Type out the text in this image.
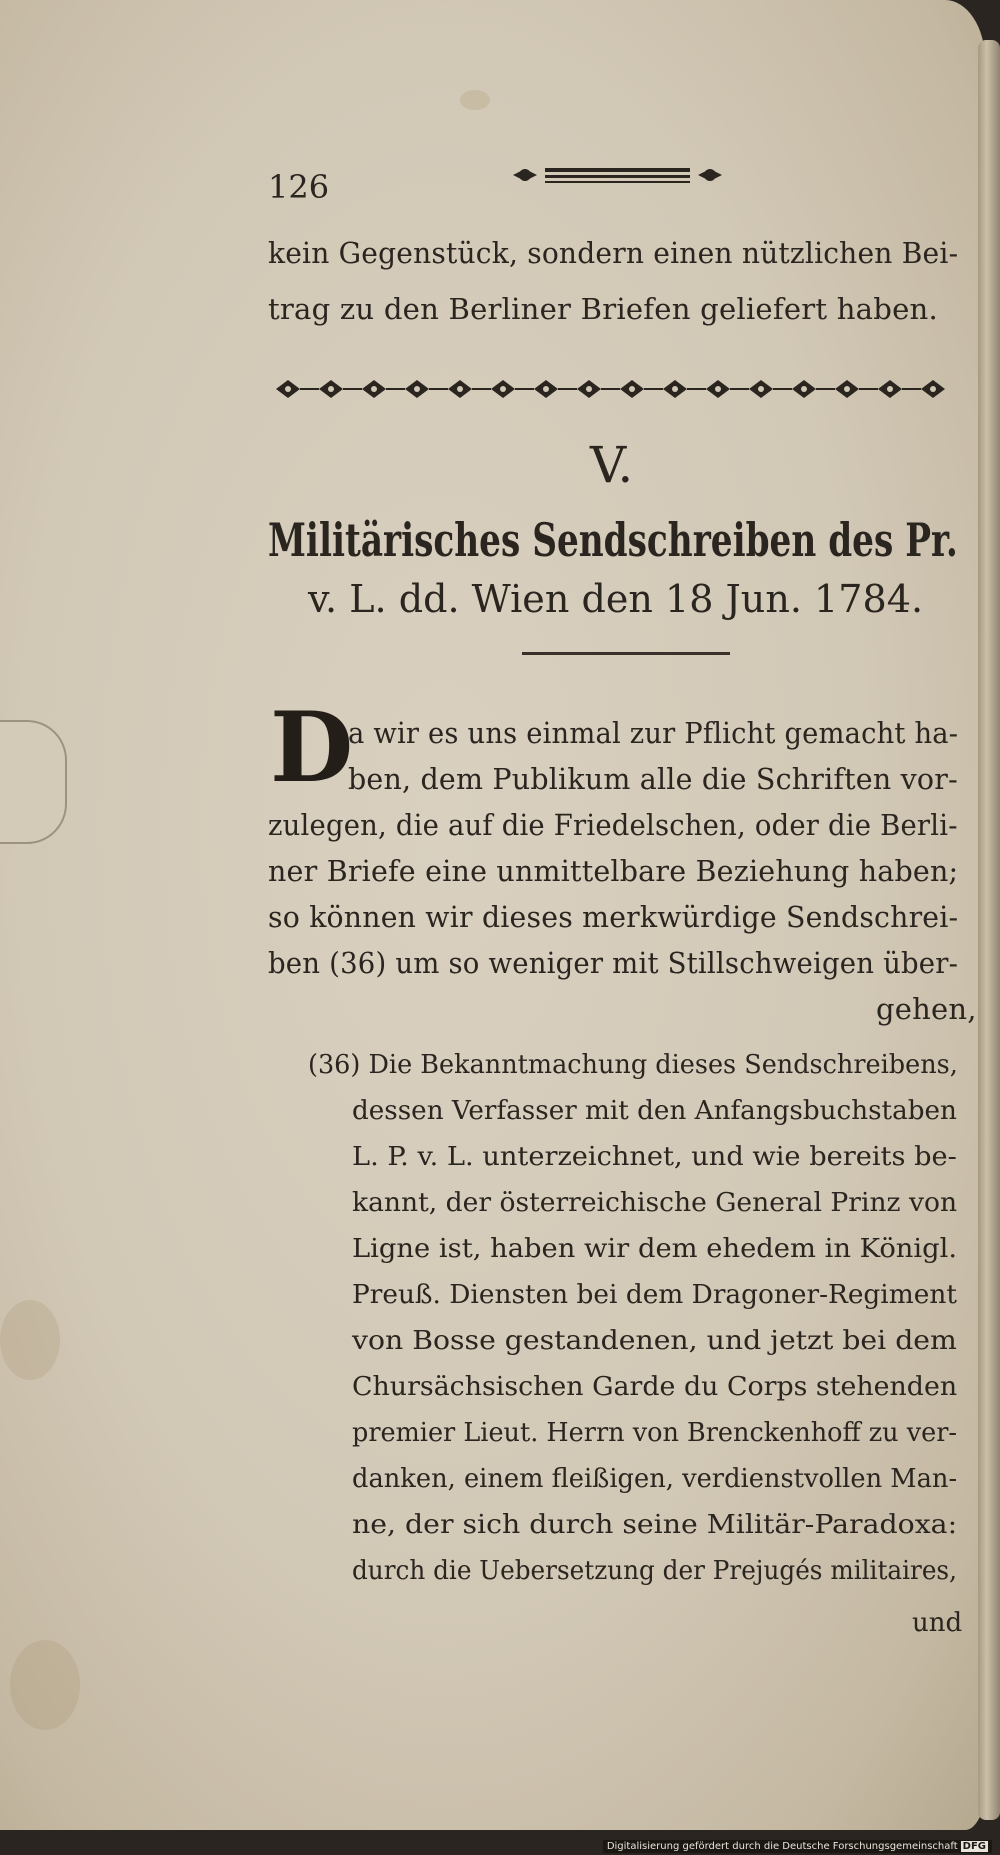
126
kein Gegenstück, sondern einen nützlichen Bei-
trag zu den Berliner Briefen geliefert haben.
V.
Militärisches Sendschreiben des Pr.
v. L. dd. Wien den 18 Jun. 1784.
D
a wir es uns einmal zur Pflicht gemacht ha-
ben, dem Publikum alle die Schriften vor-
zulegen, die auf die Friedelschen, oder die Berli-
ner Briefe eine unmittelbare Beziehung haben;
so können wir dieses merkwürdige Sendschrei-
ben (36) um so weniger mit Stillschweigen über-
gehen,
(36) Die Bekanntmachung dieses Sendschreibens,
dessen Verfasser mit den Anfangsbuchstaben
L. P. v. L. unterzeichnet, und wie bereits be-
kannt, der österreichische General Prinz von
Ligne ist, haben wir dem ehedem in Königl.
Preuß. Diensten bei dem Dragoner-Regiment
von Bosse gestandenen, und jetzt bei dem
Chursächsischen Garde du Corps stehenden
premier Lieut. Herrn von Brenckenhoff zu ver-
danken, einem fleißigen, verdienstvollen Man-
ne, der sich durch seine Militär-Paradoxa:
durch die Uebersetzung der Prejugés militaires,
und
Digitalisierung gefördert durch die Deutsche Forschungsgemeinschaft DFG
